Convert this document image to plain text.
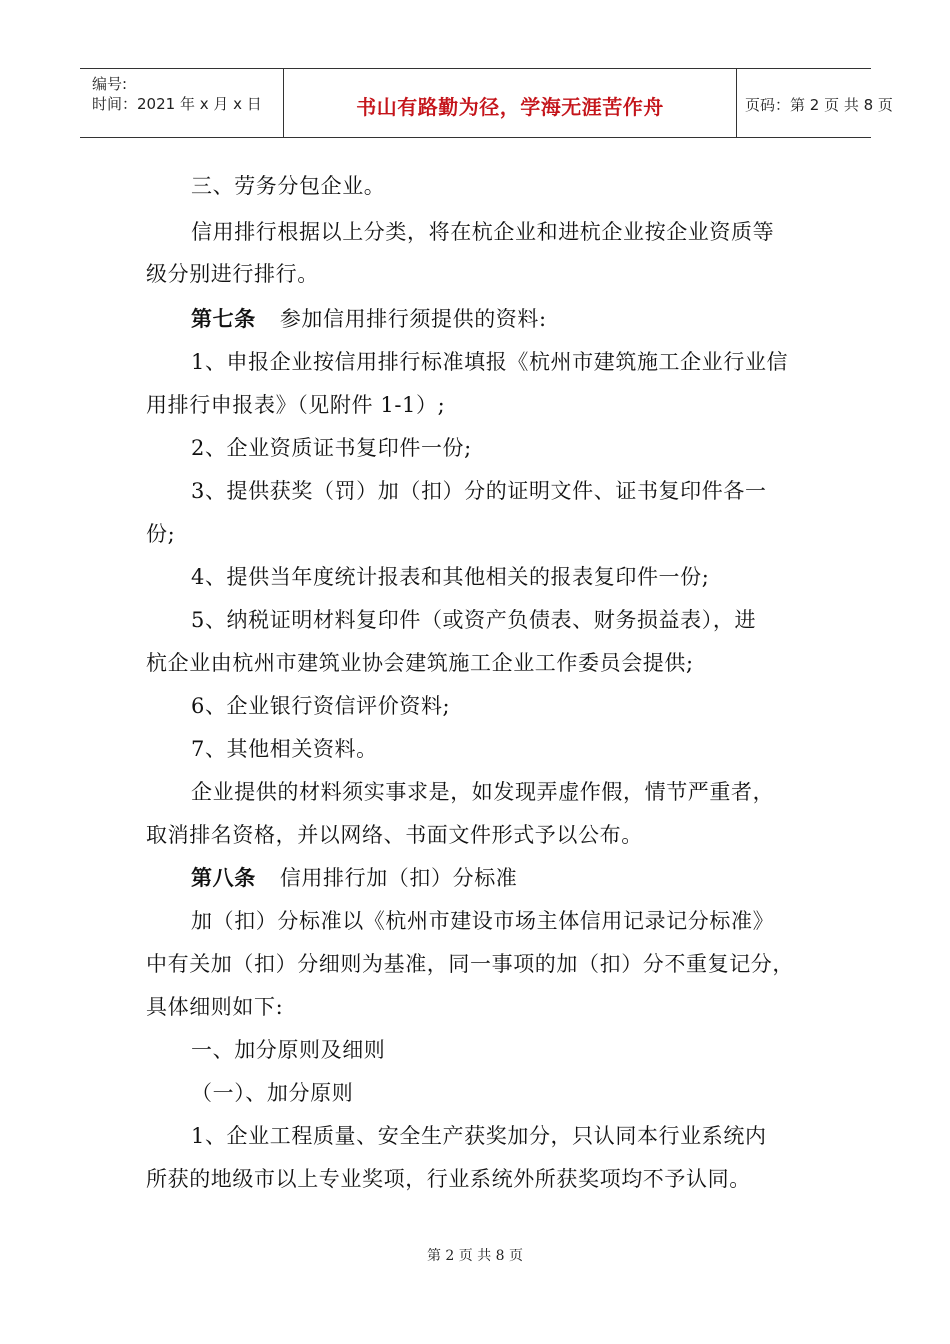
编号:
时间：2021 年 x 月 x 日	书山有路勤为径，学海无涯苦作舟	页码：第 2 页 共 8 页
三、劳务分包企业。
信用排行根据以上分类，将在杭企业和进杭企业按企业资质等
级分别进行排行。
第七条 参加信用排行须提供的资料:
1、申报企业按信用排行标准填报《杭州市建筑施工企业行业信
用排行申报表》（见附件 1-1）;
2、企业资质证书复印件一份;
3、提供获奖（罚）加（扣）分的证明文件、证书复印件各一
份;
4、提供当年度统计报表和其他相关的报表复印件一份;
5、纳税证明材料复印件（或资产负债表、财务损益表），进
杭企业由杭州市建筑业协会建筑施工企业工作委员会提供;
6、企业银行资信评价资料;
7、其他相关资料。
企业提供的材料须实事求是，如发现弄虚作假，情节严重者，
取消排名资格，并以网络、书面文件形式予以公布。
第八条 信用排行加（扣）分标准
加（扣）分标准以《杭州市建设市场主体信用记录记分标准》
中有关加（扣）分细则为基准，同一事项的加（扣）分不重复记分，
具体细则如下:
一、加分原则及细则
（一）、加分原则
1、企业工程质量、安全生产获奖加分，只认同本行业系统内
所获的地级市以上专业奖项，行业系统外所获奖项均不予认同。
第 2 页 共 8 页
